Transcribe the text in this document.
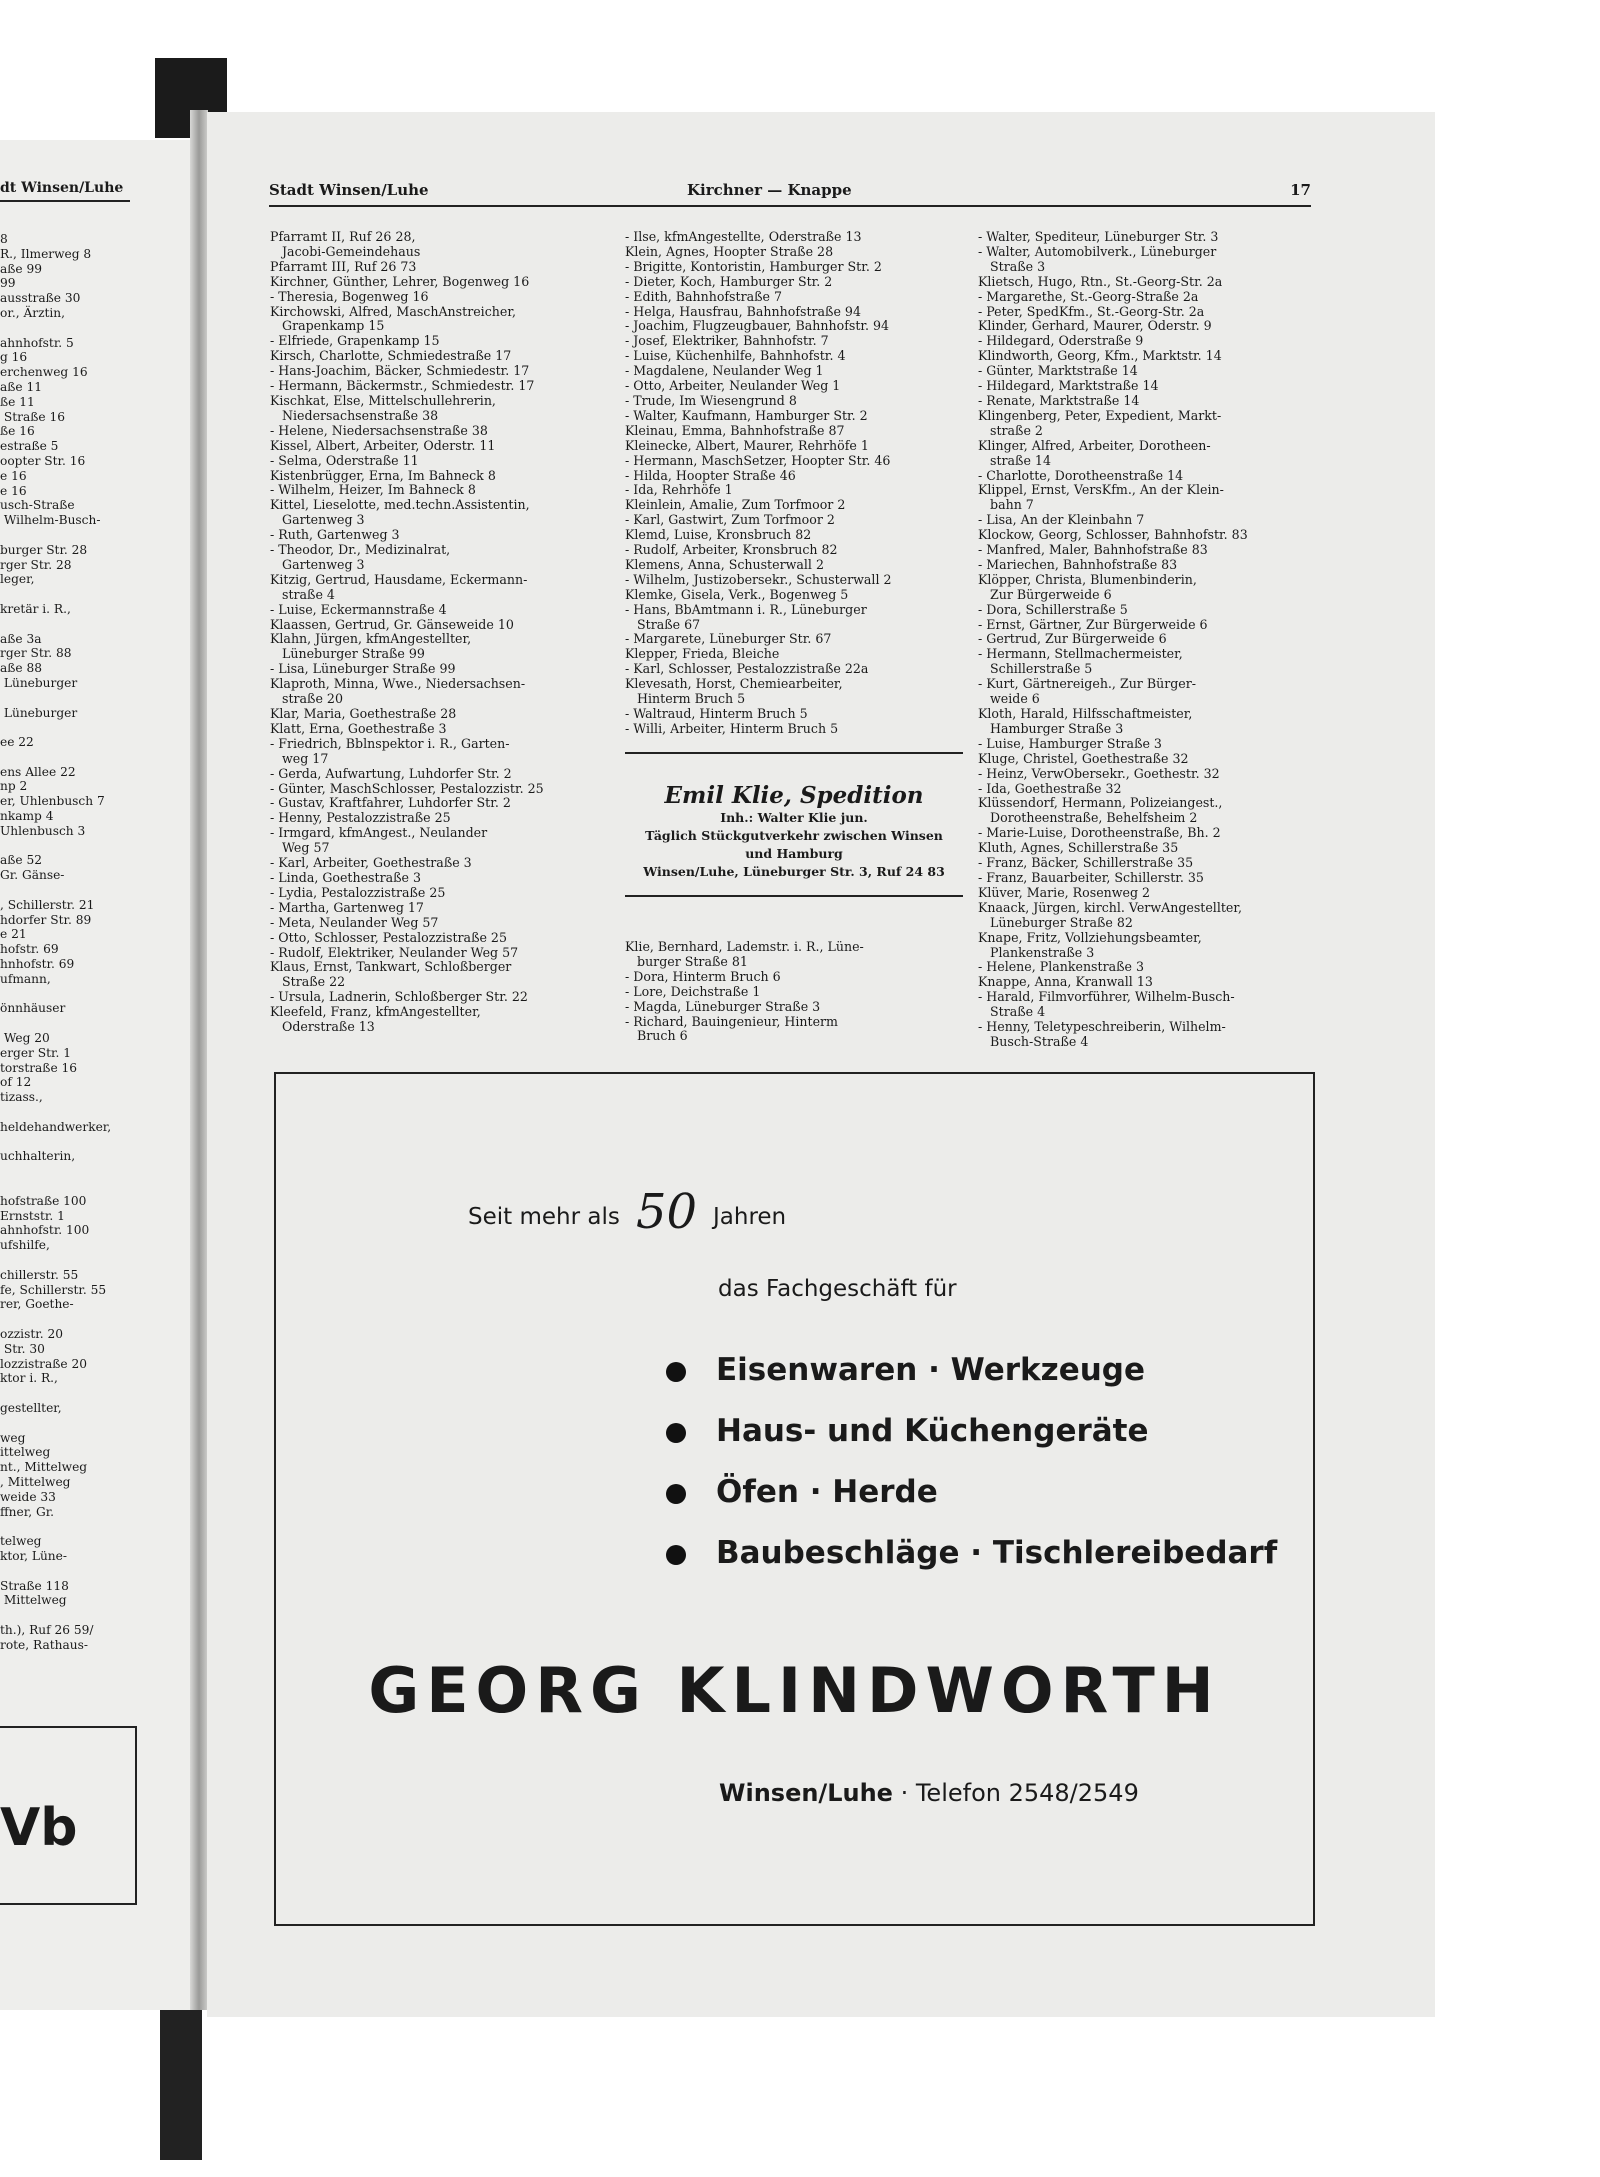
dt Winsen/Luhe
8
R., Ilmerweg 8
aße 99
99
ausstraße 30
or., Ärztin,

ahnhofstr. 5
g 16
erchenweg 16
aße 11
ße 11
Straße 16
ße 16
estraße 5
oopter Str. 16
e 16
e 16
usch-Straße
Wilhelm-Busch-

burger Str. 28
rger Str. 28
leger,

kretär i. R.,

aße 3a
rger Str. 88
aße 88
Lüneburger

Lüneburger

ee 22

ens Allee 22
np 2
er, Uhlenbusch 7
nkamp 4
Uhlenbusch 3

aße 52
Gr. Gänse-

, Schillerstr. 21
hdorfer Str. 89
e 21
hofstr. 69
hnhofstr. 69
ufmann,

önnhäuser

Weg 20
erger Str. 1
torstraße 16
of 12
tizass.,

heldehandwerker,

uchhalterin,

hofstraße 100
Ernststr. 1
ahnhofstr. 100
ufshilfe,

chillerstr. 55
fe, Schillerstr. 55
rer, Goethe-

ozzistr. 20
Str. 30
lozzistraße 20
ktor i. R.,

gestellter,

weg
ittelweg
nt., Mittelweg
, Mittelweg
weide 33
ffner, Gr.

telweg
ktor, Lüne-

Straße 118
Mittelweg

th.), Ruf 26 59/
rote, Rathaus-
Vb
Stadt Winsen/Luhe	Kirchner — Knappe	17
Pfarramt II, Ruf 26 28,
Jacobi-Gemeindehaus
Pfarramt III, Ruf 26 73
Kirchner, Günther, Lehrer, Bogenweg 16
- Theresia, Bogenweg 16
Kirchowski, Alfred, MaschAnstreicher,
Grapenkamp 15
- Elfriede, Grapenkamp 15
Kirsch, Charlotte, Schmiedestraße 17
- Hans-Joachim, Bäcker, Schmiedestr. 17
- Hermann, Bäckermstr., Schmiedestr. 17
Kischkat, Else, Mittelschullehrerin,
Niedersachsenstraße 38
- Helene, Niedersachsenstraße 38
Kissel, Albert, Arbeiter, Oderstr. 11
- Selma, Oderstraße 11
Kistenbrügger, Erna, Im Bahneck 8
- Wilhelm, Heizer, Im Bahneck 8
Kittel, Lieselotte, med.techn.Assistentin,
Gartenweg 3
- Ruth, Gartenweg 3
- Theodor, Dr., Medizinalrat,
Gartenweg 3
Kitzig, Gertrud, Hausdame, Eckermann-
straße 4
- Luise, Eckermannstraße 4
Klaassen, Gertrud, Gr. Gänseweide 10
Klahn, Jürgen, kfmAngestellter,
Lüneburger Straße 99
- Lisa, Lüneburger Straße 99
Klaproth, Minna, Wwe., Niedersachsen-
straße 20
Klar, Maria, Goethestraße 28
Klatt, Erna, Goethestraße 3
- Friedrich, Bblnspektor i. R., Garten-
weg 17
- Gerda, Aufwartung, Luhdorfer Str. 2
- Günter, MaschSchlosser, Pestalozzistr. 25
- Gustav, Kraftfahrer, Luhdorfer Str. 2
- Henny, Pestalozzistraße 25
- Irmgard, kfmAngest., Neulander
Weg 57
- Karl, Arbeiter, Goethestraße 3
- Linda, Goethestraße 3
- Lydia, Pestalozzistraße 25
- Martha, Gartenweg 17
- Meta, Neulander Weg 57
- Otto, Schlosser, Pestalozzistraße 25
- Rudolf, Elektriker, Neulander Weg 57
Klaus, Ernst, Tankwart, Schloßberger
Straße 22
- Ursula, Ladnerin, Schloßberger Str. 22
Kleefeld, Franz, kfmAngestellter,
Oderstraße 13
- Ilse, kfmAngestellte, Oderstraße 13
Klein, Agnes, Hoopter Straße 28
- Brigitte, Kontoristin, Hamburger Str. 2
- Dieter, Koch, Hamburger Str. 2
- Edith, Bahnhofstraße 7
- Helga, Hausfrau, Bahnhofstraße 94
- Joachim, Flugzeugbauer, Bahnhofstr. 94
- Josef, Elektriker, Bahnhofstr. 7
- Luise, Küchenhilfe, Bahnhofstr. 4
- Magdalene, Neulander Weg 1
- Otto, Arbeiter, Neulander Weg 1
- Trude, Im Wiesengrund 8
- Walter, Kaufmann, Hamburger Str. 2
Kleinau, Emma, Bahnhofstraße 87
Kleinecke, Albert, Maurer, Rehrhöfe 1
- Hermann, MaschSetzer, Hoopter Str. 46
- Hilda, Hoopter Straße 46
- Ida, Rehrhöfe 1
Kleinlein, Amalie, Zum Torfmoor 2
- Karl, Gastwirt, Zum Torfmoor 2
Klemd, Luise, Kronsbruch 82
- Rudolf, Arbeiter, Kronsbruch 82
Klemens, Anna, Schusterwall 2
- Wilhelm, Justizobersekr., Schusterwall 2
Klemke, Gisela, Verk., Bogenweg 5
- Hans, BbAmtmann i. R., Lüneburger
Straße 67
- Margarete, Lüneburger Str. 67
Klepper, Frieda, Bleiche
- Karl, Schlosser, Pestalozzistraße 22a
Klevesath, Horst, Chemiearbeiter,
Hinterm Bruch 5
- Waltraud, Hinterm Bruch 5
- Willi, Arbeiter, Hinterm Bruch 5
Emil Klie, Spedition
Inh.: Walter Klie jun.
Täglich Stückgutverkehr zwischen Winsen
und Hamburg
Winsen/Luhe, Lüneburger Str. 3, Ruf 24 83
Klie, Bernhard, Lademstr. i. R., Lüne-
burger Straße 81
- Dora, Hinterm Bruch 6
- Lore, Deichstraße 1
- Magda, Lüneburger Straße 3
- Richard, Bauingenieur, Hinterm
Bruch 6
- Walter, Spediteur, Lüneburger Str. 3
- Walter, Automobilverk., Lüneburger
Straße 3
Klietsch, Hugo, Rtn., St.-Georg-Str. 2a
- Margarethe, St.-Georg-Straße 2a
- Peter, SpedKfm., St.-Georg-Str. 2a
Klinder, Gerhard, Maurer, Oderstr. 9
- Hildegard, Oderstraße 9
Klindworth, Georg, Kfm., Marktstr. 14
- Günter, Marktstraße 14
- Hildegard, Marktstraße 14
- Renate, Marktstraße 14
Klingenberg, Peter, Expedient, Markt-
straße 2
Klinger, Alfred, Arbeiter, Dorotheen-
straße 14
- Charlotte, Dorotheenstraße 14
Klippel, Ernst, VersKfm., An der Klein-
bahn 7
- Lisa, An der Kleinbahn 7
Klockow, Georg, Schlosser, Bahnhofstr. 83
- Manfred, Maler, Bahnhofstraße 83
- Mariechen, Bahnhofstraße 83
Klöpper, Christa, Blumenbinderin,
Zur Bürgerweide 6
- Dora, Schillerstraße 5
- Ernst, Gärtner, Zur Bürgerweide 6
- Gertrud, Zur Bürgerweide 6
- Hermann, Stellmachermeister,
Schillerstraße 5
- Kurt, Gärtnereigeh., Zur Bürger-
weide 6
Kloth, Harald, Hilfsschaftmeister,
Hamburger Straße 3
- Luise, Hamburger Straße 3
Kluge, Christel, Goethestraße 32
- Heinz, VerwObersekr., Goethestr. 32
- Ida, Goethestraße 32
Klüssendorf, Hermann, Polizeiangest.,
Dorotheenstraße, Behelfsheim 2
- Marie-Luise, Dorotheenstraße, Bh. 2
Kluth, Agnes, Schillerstraße 35
- Franz, Bäcker, Schillerstraße 35
- Franz, Bauarbeiter, Schillerstr. 35
Klüver, Marie, Rosenweg 2
Knaack, Jürgen, kirchl. VerwAngestellter,
Lüneburger Straße 82
Knape, Fritz, Vollziehungsbeamter,
Plankenstraße 3
- Helene, Plankenstraße 3
Knappe, Anna, Kranwall 13
- Harald, Filmvorführer, Wilhelm-Busch-
Straße 4
- Henny, Teletypeschreiberin, Wilhelm-
Busch-Straße 4
Seit mehr als 50 Jahren
das Fachgeschäft für
Eisenwaren · Werkzeuge
Haus- und Küchengeräte
Öfen · Herde
Baubeschläge · Tischlereibedarf
GEORG KLINDWORTH
Winsen/Luhe · Telefon 2548/2549
